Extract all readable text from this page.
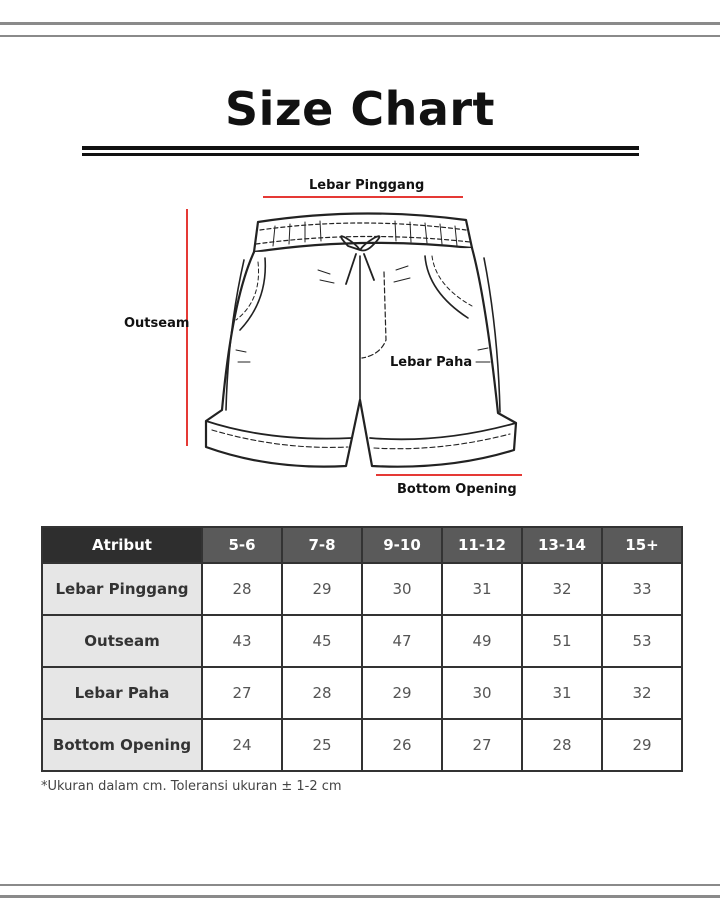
Size Chart
Lebar Pinggang
Outseam
Lebar Paha
Bottom Opening
Atribut	5-6	7-8	9-10	11-12	13-14	15+
Lebar Pinggang	28	29	30	31	32	33
Outseam	43	45	47	49	51	53
Lebar Paha	27	28	29	30	31	32
Bottom Opening	24	25	26	27	28	29
*Ukuran dalam cm. Toleransi ukuran ± 1-2 cm
